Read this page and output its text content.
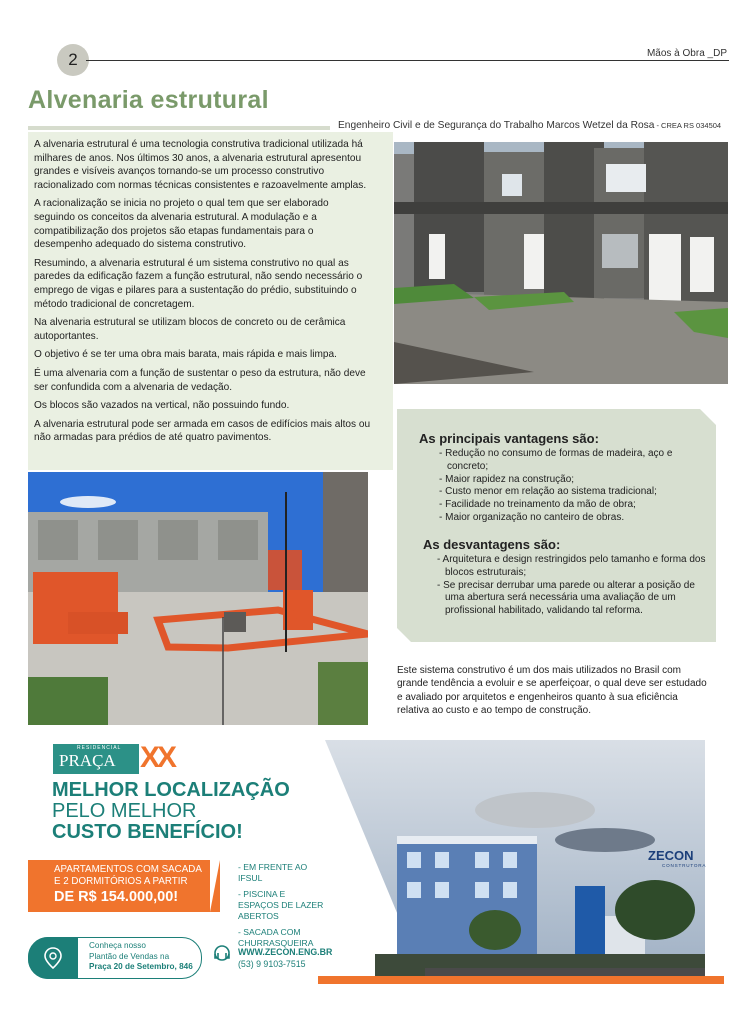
2	Mãos à Obra _DP
Alvenaria estrutural
Engenheiro Civil e de Segurança do Trabalho Marcos Wetzel da Rosa - CREA RS 034504

A alvenaria estrutural é uma tecnologia construtiva tradicional utilizada há milhares de anos. Nos últimos 30 anos, a alvenaria estrutural apresentou grandes e visíveis avanços tornando-se um processo construtivo racionalizado com normas técnicas consistentes e razoavelmente amplas.

A racionalização se inicia no projeto o qual tem que ser elaborado seguindo os conceitos da alvenaria estrutural. A modulação e a compatibilização dos projetos são etapas fundamentais para o desempenho adequado do sistema construtivo.

Resumindo, a alvenaria estrutural é um sistema construtivo no qual as paredes da edificação fazem a função estrutural, não sendo necessário o emprego de vigas e pilares para a sustentação do prédio, substituindo o método tradicional de concretagem.

Na alvenaria estrutural se utilizam blocos de concreto ou de cerâmica autoportantes.

O objetivo é se ter uma obra mais barata, mais rápida e mais limpa.

É uma alvenaria com a função de sustentar o peso da estrutura, não deve ser confundida com a alvenaria de vedação.

Os blocos são vazados na vertical, não possuindo fundo.

A alvenaria estrutural pode ser armada em casos de edifícios mais altos ou não armadas para prédios de até quatro pavimentos.	As principais vantagens são:

- Redução no consumo de formas de madeira, aço e concreto;
- Maior rapidez na construção;
- Custo menor em relação ao sistema tradicional;
- Facilidade no treinamento da mão de obra;
- Maior organização no canteiro de obras.

As desvantagens são:

- Arquitetura e design restringidos pelo tamanho e forma dos blocos estruturais;
- Se precisar derrubar uma parede ou alterar a posição de uma abertura será necessária uma avaliação de um profissional habilitado, validando tal reforma.
Este sistema construtivo é um dos mais utilizados no Brasil com grande tendência a evoluir e se aperfeiçoar, o qual deve ser estudado e avaliado por arquitetos e engenheiros quanto à sua eficiência relativa ao custo e ao tempo de construção.
RESIDENCIAL
PRAÇA XX
MELHOR LOCALIZAÇÃO
PELO MELHOR
CUSTO BENEFÍCIO!
APARTAMENTOS COM SACADA
E 2 DORMITÓRIOS A PARTIR
DE R$ 154.000,00!
- EM FRENTE AO IFSUL
- PISCINA E ESPAÇOS DE LAZER ABERTOS
- SACADA COM CHURRASQUEIRA
Conheça nosso
Plantão de Vendas na
Praça 20 de Setembro, 846
WWW.ZECON.ENG.BR
(53) 9 9103-7515
ZECON
CONSTRUTORA
